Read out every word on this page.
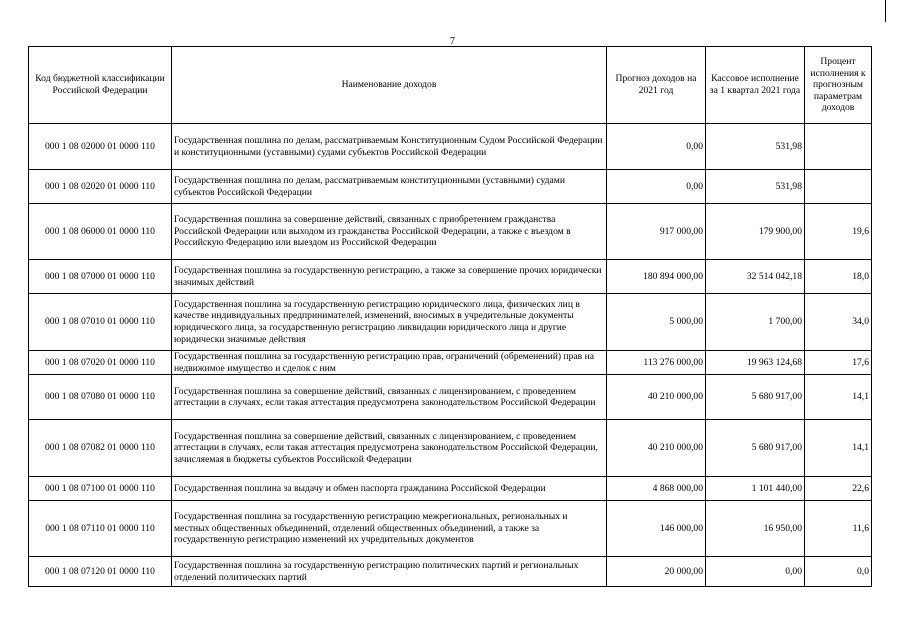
7
Код бюджетной классификации Российской Федерации	Наименование доходов	Прогноз доходов на 2021 год	Кассовое исполнение за 1 квартал 2021 года	Процент исполнения к прогнозным параметрам доходов
000 1 08 02000 01 0000 110	Государственная пошлина по делам, рассматриваемым Конституционным Судом Российской Федерации и конституционными (уставными) судами субъектов Российской Федерации	0,00	531,98	
000 1 08 02020 01 0000 110	Государственная пошлина по делам, рассматриваемым конституционными (уставными) судами субъектов Российской Федерации	0,00	531,98	
000 1 08 06000 01 0000 110	Государственная пошлина за совершение действий, связанных с приобретением гражданства Российской Федерации или выходом из гражданства Российской Федерации, а также с въездом в Российскую Федерацию или выездом из Российской Федерации	917 000,00	179 900,00	19,6
000 1 08 07000 01 0000 110	Государственная пошлина за государственную регистрацию, а также за совершение прочих юридически значимых действий	180 894 000,00	32 514 042,18	18,0
000 1 08 07010 01 0000 110	Государственная пошлина за государственную регистрацию юридического лица, физических лиц в качестве индивидуальных предпринимателей, изменений, вносимых в учредительные документы юридического лица, за государственную регистрацию ликвидации юридического лица и другие юридически значимые действия	5 000,00	1 700,00	34,0
000 1 08 07020 01 0000 110	Государственная пошлина за государственную регистрацию прав, ограничений (обременений) прав на недвижимое имущество и сделок с ним	113 276 000,00	19 963 124,68	17,6
000 1 08 07080 01 0000 110	Государственная пошлина за совершение действий, связанных с лицензированием, с проведением аттестации в случаях, если такая аттестация предусмотрена законодательством Российской Федерации	40 210 000,00	5 680 917,00	14,1
000 1 08 07082 01 0000 110	Государственная пошлина за совершение действий, связанных с лицензированием, с проведением аттестации в случаях, если такая аттестация предусмотрена законодательством Российской Федерации, зачисляемая в бюджеты субъектов Российской Федерации	40 210 000,00	5 680 917,00	14,1
000 1 08 07100 01 0000 110	Государственная пошлина за выдачу и обмен паспорта гражданина Российской Федерации	4 868 000,00	1 101 440,00	22,6
000 1 08 07110 01 0000 110	Государственная пошлина за государственную регистрацию межрегиональных, региональных и местных общественных объединений, отделений общественных объединений, а также за государственную регистрацию изменений их учредительных документов	146 000,00	16 950,00	11,6
000 1 08 07120 01 0000 110	Государственная пошлина за государственную регистрацию политических партий и региональных отделений политических партий	20 000,00	0,00	0,0
